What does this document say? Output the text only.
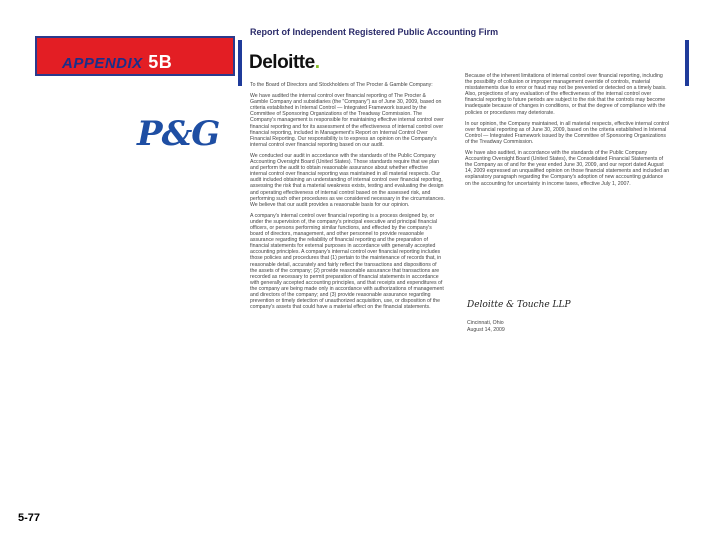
APPENDIX 5B
P&G
5-77
Report of Independent Registered Public Accounting Firm
Deloitte.

To the Board of Directors and Stockholders of The Procter & Gamble Company:

We have audited the internal control over financial reporting of The Procter & Gamble Company and subsidiaries (the "Company") as of June 30, 2009, based on criteria established in Internal Control — Integrated Framework issued by the Committee of Sponsoring Organizations of the Treadway Commission. The Company's management is responsible for maintaining effective internal control over financial reporting and for its assessment of the effectiveness of internal control over financial reporting, included in Management's Report on Internal Control Over Financial Reporting. Our responsibility is to express an opinion on the Company's internal control over financial reporting based on our audit.

We conducted our audit in accordance with the standards of the Public Company Accounting Oversight Board (United States). Those standards require that we plan and perform the audit to obtain reasonable assurance about whether effective internal control over financial reporting was maintained in all material respects. Our audit included obtaining an understanding of internal control over financial reporting, assessing the risk that a material weakness exists, testing and evaluating the design and operating effectiveness of internal control based on the assessed risk, and performing such other procedures as we considered necessary in the circumstances. We believe that our audit provides a reasonable basis for our opinion.

A company's internal control over financial reporting is a process designed by, or under the supervision of, the company's principal executive and principal financial officers, or persons performing similar functions, and effected by the company's board of directors, management, and other personnel to provide reasonable assurance regarding the reliability of financial reporting and the preparation of financial statements for external purposes in accordance with generally accepted accounting principles. A company's internal control over financial reporting includes those policies and procedures that (1) pertain to the maintenance of records that, in reasonable detail, accurately and fairly reflect the transactions and dispositions of the assets of the company; (2) provide reasonable assurance that transactions are recorded as necessary to permit preparation of financial statements in accordance with generally accepted accounting principles, and that receipts and expenditures of the company are being made only in accordance with authorizations of management and directors of the company; and (3) provide reasonable assurance regarding prevention or timely detection of unauthorized acquisition, use, or disposition of the company's assets that could have a material effect on the financial statements.

Because of the inherent limitations of internal control over financial reporting, including the possibility of collusion or improper management override of controls, material misstatements due to error or fraud may not be prevented or detected on a timely basis. Also, projections of any evaluation of the effectiveness of the internal control over financial reporting to future periods are subject to the risk that the controls may become inadequate because of changes in conditions, or that the degree of compliance with the policies or procedures may deteriorate.

In our opinion, the Company maintained, in all material respects, effective internal control over financial reporting as of June 30, 2009, based on the criteria established in Internal Control — Integrated Framework issued by the Committee of Sponsoring Organizations of the Treadway Commission.

We have also audited, in accordance with the standards of the Public Company Accounting Oversight Board (United States), the Consolidated Financial Statements of the Company as of and for the year ended June 30, 2009, and our report dated August 14, 2009 expressed an unqualified opinion on those financial statements and included an explanatory paragraph regarding the Company's adoption of new accounting guidance on the accounting for uncertainty in income taxes, effective July 1, 2007.

Deloitte & Touche LLP
Cincinnati, Ohio
August 14, 2009
